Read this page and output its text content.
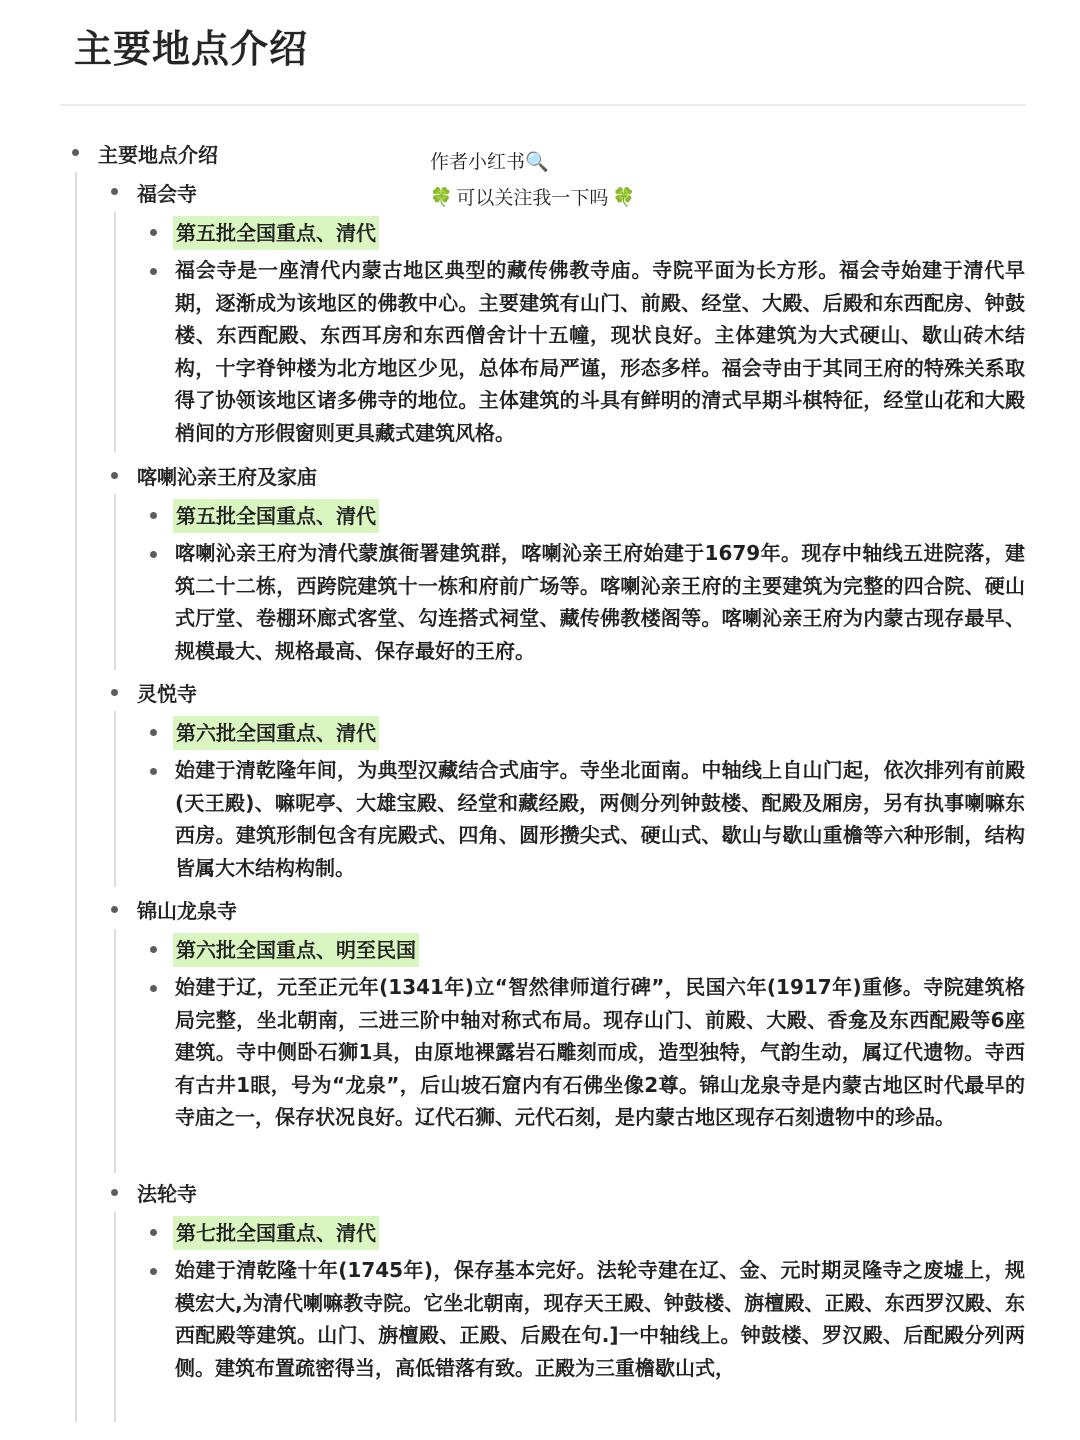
主要地点介绍
作者小红书🔍
🍀 可以关注我一下吗 🍀
主要地点介绍
福会寺
第五批全国重点、清代
福会寺是一座清代内蒙古地区典型的藏传佛教寺庙。寺院平面为长方形。福会寺始建于清代早期，逐渐成为该地区的佛教中心。主要建筑有山门、前殿、经堂、大殿、后殿和东西配房、钟鼓楼、东西配殿、东西耳房和东西僧舍计十五幢，现状良好。主体建筑为大式硬山、歇山砖木结构，十字脊钟楼为北方地区少见，总体布局严谨，形态多样。福会寺由于其同王府的特殊关系取得了协领该地区诸多佛寺的地位。主体建筑的斗具有鲜明的清式早期斗棋特征，经堂山花和大殿梢间的方形假窗则更具藏式建筑风格。
喀喇沁亲王府及家庙
第五批全国重点、清代
喀喇沁亲王府为清代蒙旗衙署建筑群，喀喇沁亲王府始建于1679年。现存中轴线五进院落，建筑二十二栋，西跨院建筑十一栋和府前广场等。喀喇沁亲王府的主要建筑为完整的四合院、硬山式厅堂、卷棚环廊式客堂、勾连搭式祠堂、藏传佛教楼阁等。喀喇沁亲王府为内蒙古现存最早、规模最大、规格最高、保存最好的王府。
灵悦寺
第六批全国重点、清代
始建于清乾隆年间，为典型汉藏结合式庙宇。寺坐北面南。中轴线上自山门起，依次排列有前殿(天王殿)、嘛呢亭、大雄宝殿、经堂和藏经殿，两侧分列钟鼓楼、配殿及厢房，另有执事喇嘛东西房。建筑形制包含有庑殿式、四角、圆形攒尖式、硬山式、歇山与歇山重檐等六种形制，结构皆属大木结构构制。
锦山龙泉寺
第六批全国重点、明至民国
始建于辽，元至正元年(1341年)立“智然律师道行碑”，民国六年(1917年)重修。寺院建筑格局完整，坐北朝南，三进三阶中轴对称式布局。现存山门、前殿、大殿、香龛及东西配殿等6座建筑。寺中侧卧石狮1具，由原地裸露岩石雕刻而成，造型独特，气韵生动，属辽代遗物。寺西有古井1眼，号为“龙泉”，后山坡石窟内有石佛坐像2尊。锦山龙泉寺是内蒙古地区时代最早的寺庙之一，保存状况良好。辽代石狮、元代石刻，是内蒙古地区现存石刻遗物中的珍品。
法轮寺
第七批全国重点、清代
始建于清乾隆十年(1745年)，保存基本完好。法轮寺建在辽、金、元时期灵隆寺之废墟上，规模宏大,为清代喇嘛教寺院。它坐北朝南，现存天王殿、钟鼓楼、旃檀殿、正殿、东西罗汉殿、东西配殿等建筑。山门、旃檀殿、正殿、后殿在句.]一中轴线上。钟鼓楼、罗汉殿、后配殿分列两侧。建筑布置疏密得当，高低错落有致。正殿为三重檐歇山式，
